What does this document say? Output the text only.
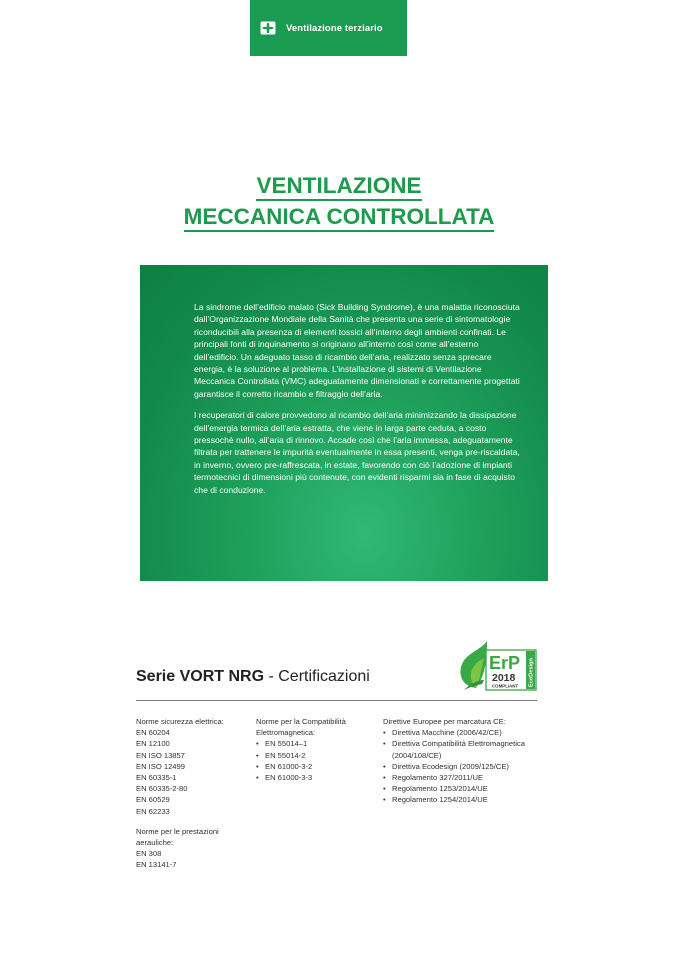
Ventilazione terziario
VENTILAZIONE
MECCANICA CONTROLLATA

La sindrome dell’edificio malato (Sick Building Syndrome), è una malattia riconosciuta dall’Organizzazione Mondiale della Sanità che presenta una serie di sintomatologie riconducibili alla presenza di elementi tossici all’interno degli ambienti confinati. Le principali fonti di inquinamento si originano all’interno così come all’esterno dell’edificio. Un adeguato tasso di ricambio dell’aria, realizzato senza sprecare energia, è la soluzione al problema. L’installazione di sistemi di Ventilazione Meccanica Controllata (VMC) adeguatamente dimensionati e correttamente progettati garantisce il corretto ricambio e filtraggio dell’aria.

I recuperatori di calore provvedono al ricambio dell’aria minimizzando la dissipazione dell’energia termica dell’aria estratta, che viene in larga parte ceduta, a costo pressochè nullo, all’aria di rinnovo. Accade così che l’aria immessa, adeguatamente filtrata per trattenere le impurità eventualmente in essa presenti, venga pre-riscaldata, in inverno, ovvero pre-raffrescata, in estate, favorendo con ciò l’adozione di impianti termotecnici di dimensioni più contenute, con evidenti risparmi sia in fase di acquisto che di conduzione.

Serie VORT NRG - Certificazioni
ErP
2018
COMPLIANT EcoDesign

Norme sicurezza elettrica:

EN 60204
EN 12100
EN ISO 13857
EN ISO 12499
EN 60335-1
EN 60335-2-80
EN 60529
EN 62233

Norme per le prestazioni aerauliche:

EN 308
EN 13141-7

Norme per la Compatibilità Elettromagnetica:

• EN 55014–1
• EN 55014-2
• EN 61000-3-2
• EN 61000-3-3

Direttive Europee per marcatura CE:

• Direttiva Macchine (2006/42/CE)
• Direttiva Compatibilità Elettromagnetica (2004/108/CE)
• Direttiva Ecodesign (2009/125/CE)
• Regolamento 327/2011/UE
• Regolamento 1253/2014/UE
• Regolamento 1254/2014/UE
